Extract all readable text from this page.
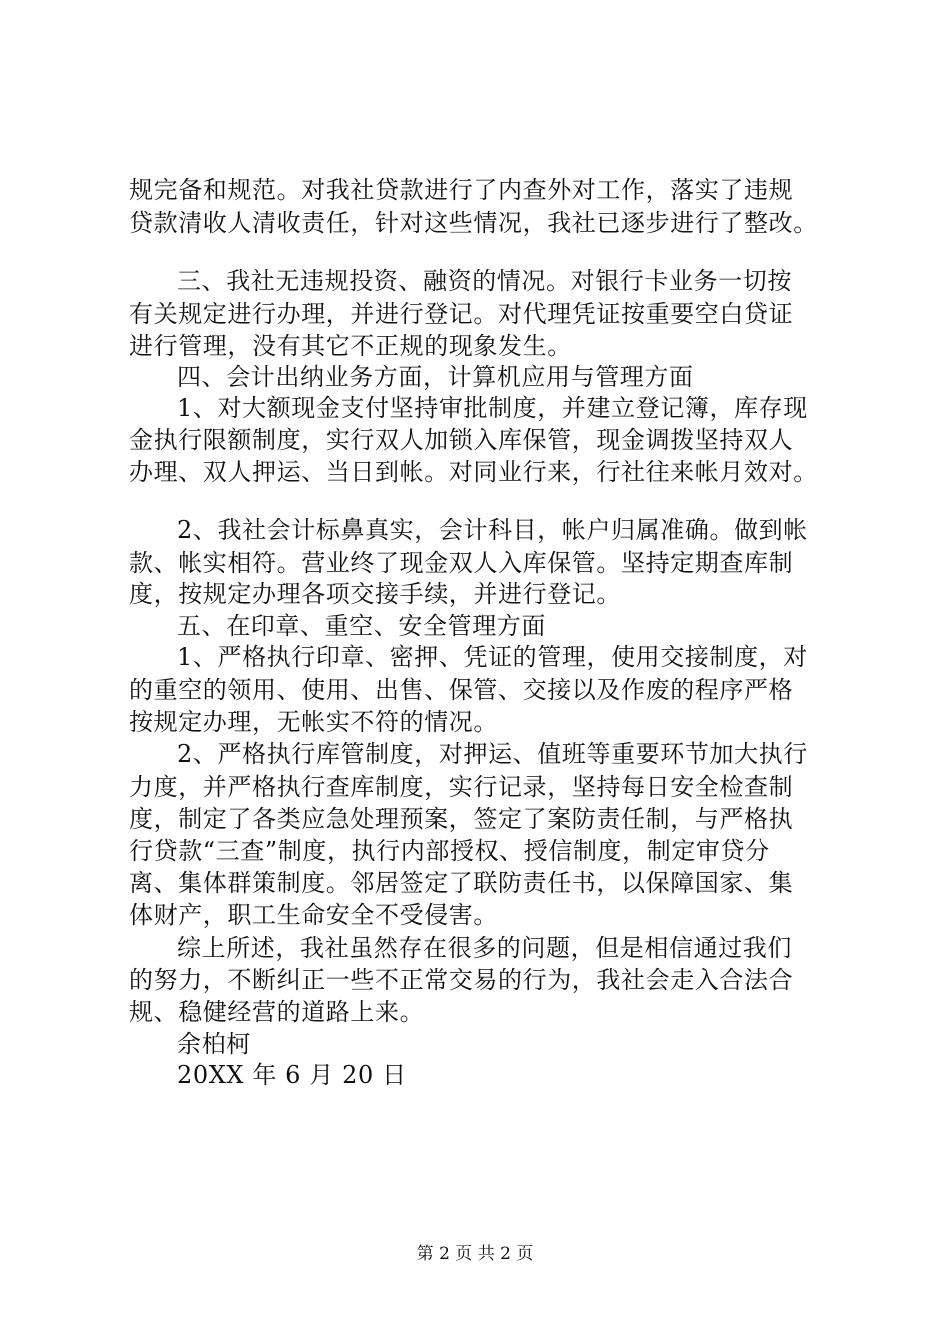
规完备和规范。对我社贷款进行了内查外对工作，落实了违规
贷款清收人清收责任，针对这些情况，我社已逐步进行了整改。
三、我社无违规投资、融资的情况。对银行卡业务一切按
有关规定进行办理，并进行登记。对代理凭证按重要空白贷证
进行管理，没有其它不正规的现象发生。
四、会计出纳业务方面，计算机应用与管理方面
1、对大额现金支付坚持审批制度，并建立登记簿，库存现
金执行限额制度，实行双人加锁入库保管，现金调拨坚持双人
办理、双人押运、当日到帐。对同业行来，行社往来帐月效对。
2、我社会计标鼻真实，会计科目，帐户归属准确。做到帐
款、帐实相符。营业终了现金双人入库保管。坚持定期查库制
度，按规定办理各项交接手续，并进行登记。
五、在印章、重空、安全管理方面
1、严格执行印章、密押、凭证的管理，使用交接制度，对
的重空的领用、使用、出售、保管、交接以及作废的程序严格
按规定办理，无帐实不符的情况。
2、严格执行库管制度，对押运、值班等重要环节加大执行
力度，并严格执行查库制度，实行记录，坚持每日安全检查制
度，制定了各类应急处理预案，签定了案防责任制，与严格执
行贷款“三查”制度，执行内部授权、授信制度，制定审贷分
离、集体群策制度。邻居签定了联防责任书，以保障国家、集
体财产，职工生命安全不受侵害。
综上所述，我社虽然存在很多的问题，但是相信通过我们
的努力，不断纠正一些不正常交易的行为，我社会走入合法合
规、稳健经营的道路上来。
余柏柯
20XX 年 6 月 20 日
第 2 页 共 2 页
